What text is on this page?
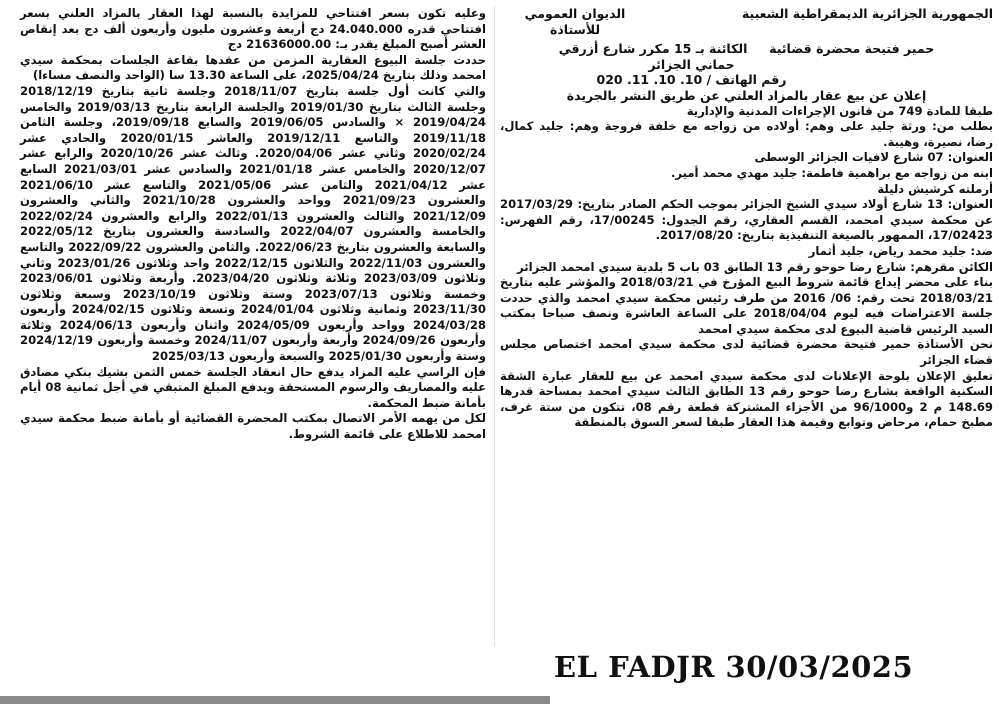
الجمهورية الجزائرية الديمقراطية الشعبية
الديوان العمومي للأستاذة

حمير فتيحة محضرة قضائية     الكائنة بـ 15 مكرر شارع أزرقي

حماني الجزائر

رقم الهاتف / 10. 10. 11. 020

إعلان عن بيع عقار بالمزاد العلني عن طريق النشر بالجريدة

طبقا للمادة 749 من قانون الإجراءات المدنية والإدارية

بطلب من: ورثة جليد على وهم: أولاده من زواجه مع خلفة فروجة وهم: جليد كمال، رضا، نصيرة، وهيبة.

العنوان: 07 شارع لافيات الجزائر الوسطى

ابنه من زواجه مع براهمية فاطمة: جليد مهدي محمد أمير.

أرملته كرشيش دليلة

العنوان: 13 شارع أولاد سيدي الشيخ الجزائر بموجب الحكم الصادر بتاريخ: 2017/03/29 عن محكمة سيدي امحمد، القسم العقاري، رقم الجدول: 17/00245، رقم الفهرس: 17/02423، الممهور بالصيغة التنفيذية بتاريخ: 2017/08/20.

ضد: جليد محمد رياض، جليد أثمار

الكائن مقرهم: شارع رضا حوحو رقم 13 الطابق 03 باب 5 بلدية سيدي امحمد الجزائر

بناء على محضر إيداع قائمة شروط البيع المؤرخ في 2018/03/21 والمؤشر عليه بتاريخ 2018/03/21 تحت رقم: 06/ 2016 من طرف رئيس محكمة سيدي امحمد والذي حددت جلسة الاعتراضات فيه ليوم 2018/04/04 على الساعة العاشرة ونصف صباحا بمكتب السيد الرئيس قاضية البيوع لدى محكمة سيدي امحمد

نحن الأستاذة حمير فتيحة محضرة قضائية لدى محكمة سيدي امحمد اختصاص مجلس قضاء الجزائر

تعليق الإعلان بلوحة الإعلانات لدى محكمة سيدي امحمد عن بيع للعقار عبارة الشقة السكنية الواقعة بشارع رضا حوحو رقم 13 الطابق الثالث سيدي امحمد بمساحة قدرها 148.69 م 2 و96/1000 من الأجزاء المشتركة قطعة رقم 08، تتكون من ستة غرف، مطبخ حمام، مرحاض وتوابع وقيمة هذا العقار طبقا لسعر السوق بالمنطقة

وعليه تكون بسعر افتتاحي للمزايدة بالنسبة لهذا العقار بالمزاد العلني بسعر افتتاحي قدره 24.040.000 دج أربعة وعشرون مليون وأربعون ألف دج بعد إنقاص العشر أصبح المبلغ يقدر بـ: 21636000.00 دج

حددت جلسة البيوع العقارية المزمن من عقدها بقاعة الجلسات بمحكمة سيدي امحمد وذلك بتاريخ 2025/04/24، على الساعة 13.30 سا (الواحد والنصف مساءا)

والتي كانت أول جلسة بتاريخ 2018/11/07 وجلسة ثانية بتاريخ 2018/12/19 وجلسة الثالث بتاريخ 2019/01/30 والجلسة الرابعة بتاريخ 2019/03/13 والخامس 2019/04/24 × والسادس 2019/06/05 والسابع 2019/09/18، وجلسة الثامن 2019/11/18 والتاسع 2019/12/11 والعاشر 2020/01/15 والحادي عشر 2020/02/24 وثاني عشر 2020/04/06. وثالث عشر 2020/10/26 والرابع عشر 2020/12/07 والخامس عشر 2021/01/18 والسادس عشر 2021/03/01 السابع عشر 2021/04/12 والثامن عشر 2021/05/06 والتاسع عشر 2021/06/10 والعشرون 2021/09/23 وواحد والعشرون 2021/10/28 والثاني والعشرون 2021/12/09 والثالث والعشرون 2022/01/13 والرابع والعشرون 2022/02/24 والخامسة والعشرون 2022/04/07 والسادسة والعشرون بتاريخ 2022/05/12 والسابعة والعشرون بتاريخ 2022/06/23. والثامن والعشرون 2022/09/22 والتاسع والعشرون 2022/11/03 والثلاثون 2022/12/15 واحد وثلاثون 2023/01/26 وثاني وثلاثون 2023/03/09 وثلاثة وثلاثون 2023/04/20. وأربعة وثلاثون 2023/06/01 وخمسة وثلاثون 2023/07/13 وستة وثلاثون 2023/10/19 وسبعة وثلاثون 2023/11/30 وثمانية وثلاثون 2024/01/04 وتسعة وثلاثون 2024/02/15 وأربعون 2024/03/28 وواحد وأربعون 2024/05/09 واثنان وأربعون 2024/06/13 وثلاثة وأربعون 2024/09/26 وأربعة وأربعون 2024/11/07 وخمسة وأربعون 2024/12/19 وستة وأربعون 2025/01/30 والسبعة وأربعون 2025/03/13

فإن الراسي عليه المزاد يدفع حال انعقاد الجلسة خمس الثمن بشيك بنكي مصادق عليه والمصاريف والرسوم المستحقة ويدفع المبلغ المتبقي في أجل ثمانية 08 أيام بأمانة ضبط المحكمة.

لكل من يهمه الأمر الاتصال بمكتب المحضرة القضائية أو بأمانة ضبط محكمة سيدي امحمد للاطلاع على قائمة الشروط.

EL FADJR 30/03/2025
